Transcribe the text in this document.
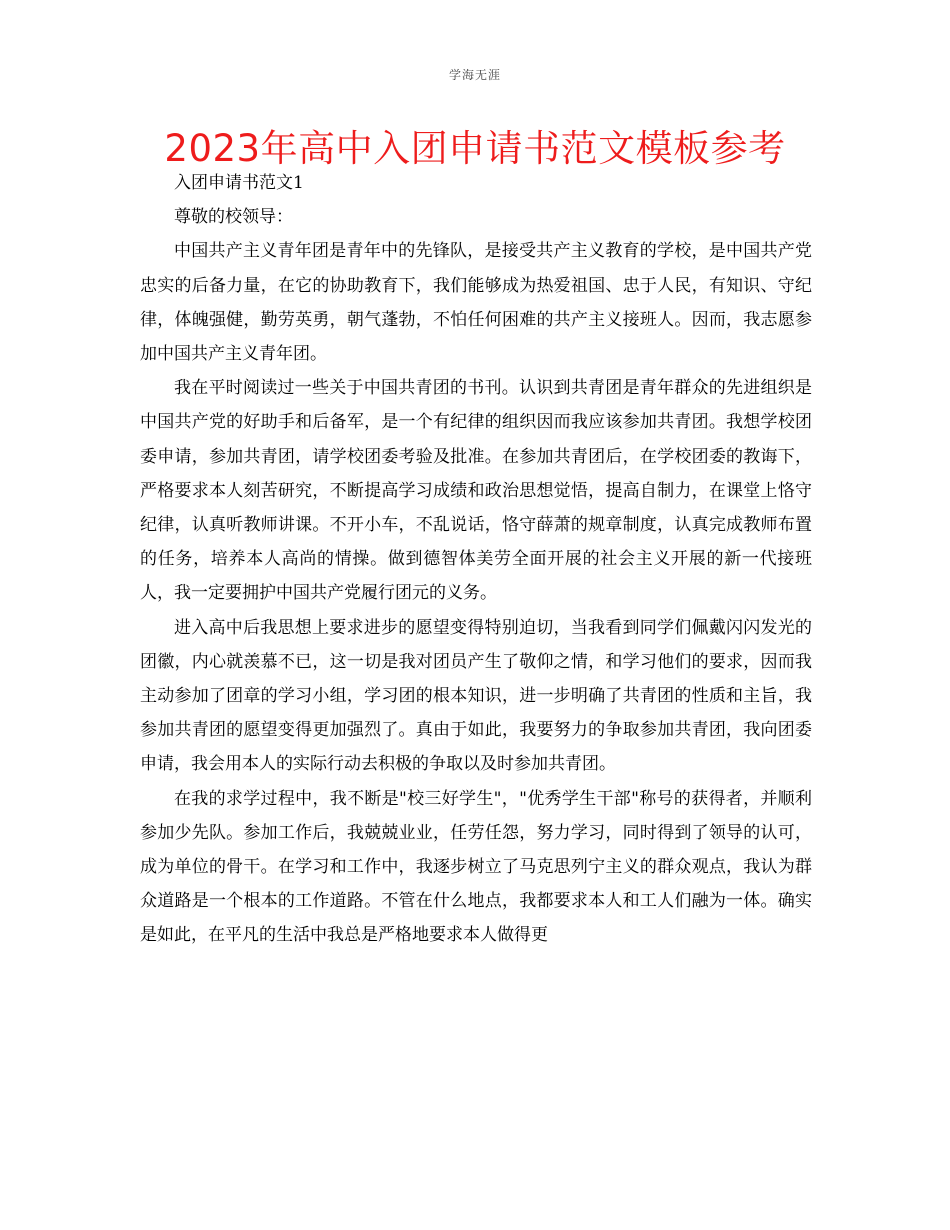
学海无涯
2023年高中入团申请书范文模板参考

入团申请书范文1

尊敬的校领导：

中国共产主义青年团是青年中的先锋队，是接受共产主义教育的学校，是中国共产党忠实的后备力量，在它的协助教育下，我们能够成为热爱祖国、忠于人民，有知识、守纪律，体魄强健，勤劳英勇，朝气蓬勃，不怕任何困难的共产主义接班人。因而，我志愿参加中国共产主义青年团。

我在平时阅读过一些关于中国共青团的书刊。认识到共青团是青年群众的先进组织是中国共产党的好助手和后备军，是一个有纪律的组织因而我应该参加共青团。我想学校团委申请，参加共青团，请学校团委考验及批准。在参加共青团后，在学校团委的教诲下，严格要求本人刻苦研究，不断提高学习成绩和政治思想觉悟，提高自制力，在课堂上恪守纪律，认真听教师讲课。不开小车，不乱说话，恪守薛萧的规章制度，认真完成教师布置的任务，培养本人高尚的情操。做到德智体美劳全面开展的社会主义开展的新一代接班人，我一定要拥护中国共产党履行团元的义务。

进入高中后我思想上要求进步的愿望变得特别迫切，当我看到同学们佩戴闪闪发光的团徽，内心就羡慕不已，这一切是我对团员产生了敬仰之情，和学习他们的要求，因而我主动参加了团章的学习小组，学习团的根本知识，进一步明确了共青团的性质和主旨，我参加共青团的愿望变得更加强烈了。真由于如此，我要努力的争取参加共青团，我向团委申请，我会用本人的实际行动去积极的争取以及时参加共青团。

在我的求学过程中，我不断是"校三好学生"，"优秀学生干部"称号的获得者，并顺利参加少先队。参加工作后，我兢兢业业，任劳任怨，努力学习，同时得到了领导的认可，成为单位的骨干。在学习和工作中，我逐步树立了马克思列宁主义的群众观点，我认为群众道路是一个根本的工作道路。不管在什么地点，我都要求本人和工人们融为一体。确实是如此，在平凡的生活中我总是严格地要求本人做得更
